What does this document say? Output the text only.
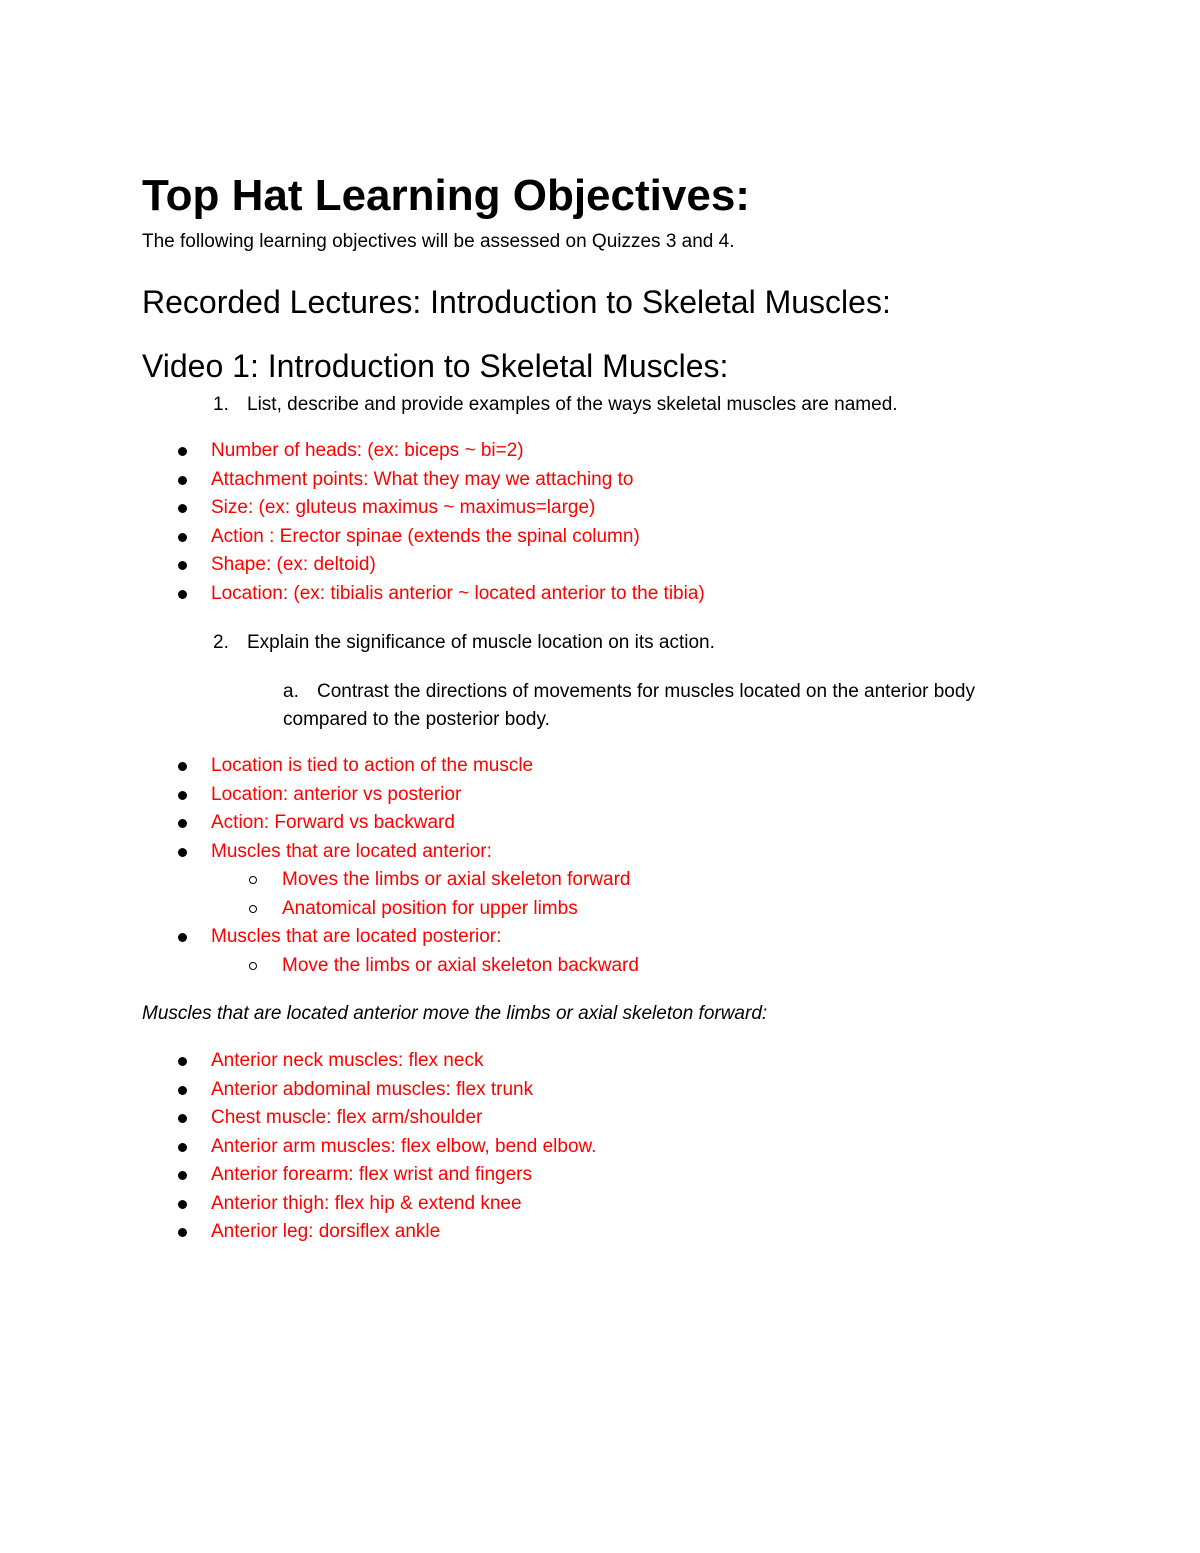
Top Hat Learning Objectives:
The following learning objectives will be assessed on Quizzes 3 and 4.
Recorded Lectures: Introduction to Skeletal Muscles:
Video 1: Introduction to Skeletal Muscles:
1. List, describe and provide examples of the ways skeletal muscles are named.
Number of heads: (ex: biceps ~ bi=2)
Attachment points: What they may we attaching to
Size: (ex: gluteus maximus ~ maximus=large)
Action : Erector spinae (extends the spinal column)
Shape: (ex: deltoid)
Location: (ex: tibialis anterior ~ located anterior to the tibia)
2. Explain the significance of muscle location on its action.
a. Contrast the directions of movements for muscles located on the anterior body compared to the posterior body.
Location is tied to action of the muscle
Location: anterior vs posterior
Action: Forward vs backward
Muscles that are located anterior:
Moves the limbs or axial skeleton forward
Anatomical position for upper limbs
Muscles that are located posterior:
Move the limbs or axial skeleton backward
Muscles that are located anterior move the limbs or axial skeleton forward:
Anterior neck muscles: flex neck
Anterior abdominal muscles: flex trunk
Chest muscle: flex arm/shoulder
Anterior arm muscles: flex elbow, bend elbow.
Anterior forearm: flex wrist and fingers
Anterior thigh: flex hip & extend knee
Anterior leg: dorsiflex ankle
